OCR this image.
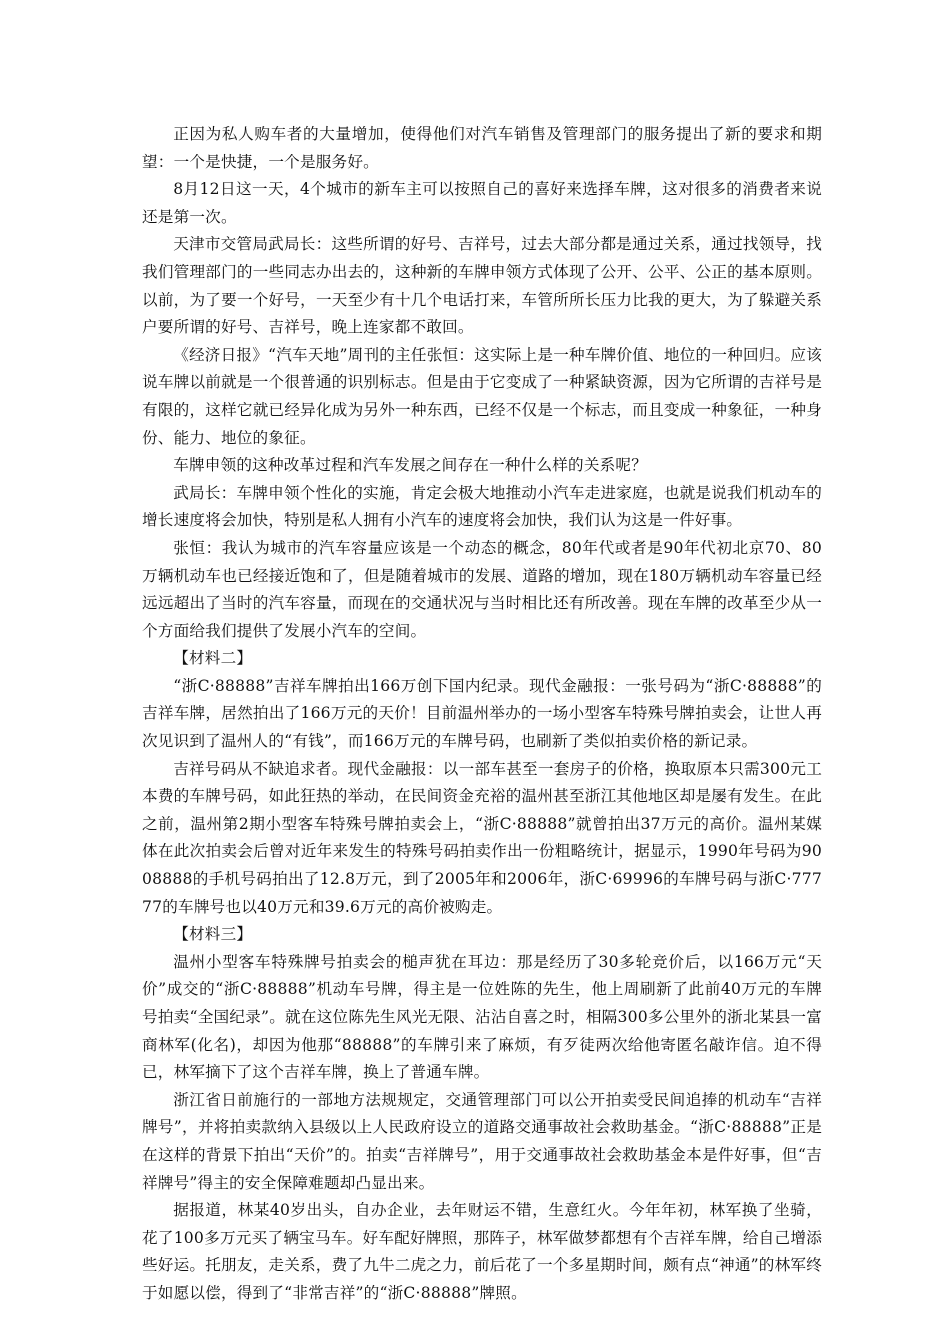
正因为私人购车者的大量增加，使得他们对汽车销售及管理部门的服务提出了新的要求和期望：一个是快捷，一个是服务好。

8月12日这一天，4个城市的新车主可以按照自己的喜好来选择车牌，这对很多的消费者来说还是第一次。

天津市交管局武局长：这些所谓的好号、吉祥号，过去大部分都是通过关系，通过找领导，找我们管理部门的一些同志办出去的，这种新的车牌申领方式体现了公开、公平、公正的基本原则。以前，为了要一个好号，一天至少有十几个电话打来，车管所所长压力比我的更大，为了躲避关系户要所谓的好号、吉祥号，晚上连家都不敢回。

《经济日报》“汽车天地”周刊的主任张恒：这实际上是一种车牌价值、地位的一种回归。应该说车牌以前就是一个很普通的识别标志。但是由于它变成了一种紧缺资源，因为它所谓的吉祥号是有限的，这样它就已经异化成为另外一种东西，已经不仅是一个标志，而且变成一种象征，一种身份、能力、地位的象征。

车牌申领的这种改革过程和汽车发展之间存在一种什么样的关系呢？

武局长：车牌申领个性化的实施，肯定会极大地推动小汽车走进家庭，也就是说我们机动车的增长速度将会加快，特别是私人拥有小汽车的速度将会加快，我们认为这是一件好事。

张恒：我认为城市的汽车容量应该是一个动态的概念，80年代或者是90年代初北京70、80万辆机动车也已经接近饱和了，但是随着城市的发展、道路的增加，现在180万辆机动车容量已经远远超出了当时的汽车容量，而现在的交通状况与当时相比还有所改善。现在车牌的改革至少从一个方面给我们提供了发展小汽车的空间。

【材料二】

“浙C·88888”吉祥车牌拍出166万创下国内纪录。现代金融报：一张号码为“浙C·88888”的吉祥车牌，居然拍出了166万元的天价！目前温州举办的一场小型客车特殊号牌拍卖会，让世人再次见识到了温州人的“有钱”，而166万元的车牌号码，也刷新了类似拍卖价格的新记录。

吉祥号码从不缺追求者。现代金融报：以一部车甚至一套房子的价格，换取原本只需300元工本费的车牌号码，如此狂热的举动，在民间资金充裕的温州甚至浙江其他地区却是屡有发生。在此之前，温州第2期小型客车特殊号牌拍卖会上，“浙C·88888”就曾拍出37万元的高价。温州某媒体在此次拍卖会后曾对近年来发生的特殊号码拍卖作出一份粗略统计，据显示，1990年号码为9008888的手机号码拍出了12.8万元，到了2005年和2006年，浙C·69996的车牌号码与浙C·77777的车牌号也以40万元和39.6万元的高价被购走。

【材料三】

温州小型客车特殊牌号拍卖会的槌声犹在耳边：那是经历了30多轮竞价后，以166万元“天价”成交的“浙C·88888”机动车号牌，得主是一位姓陈的先生，他上周刷新了此前40万元的车牌号拍卖“全国纪录”。就在这位陈先生风光无限、沾沾自喜之时，相隔300多公里外的浙北某县一富商林军(化名)，却因为他那“88888”的车牌引来了麻烦，有歹徒两次给他寄匿名敲诈信。迫不得已，林军摘下了这个吉祥车牌，换上了普通车牌。

浙江省日前施行的一部地方法规规定，交通管理部门可以公开拍卖受民间追捧的机动车“吉祥牌号”，并将拍卖款纳入县级以上人民政府设立的道路交通事故社会救助基金。“浙C·88888”正是在这样的背景下拍出“天价”的。拍卖“吉祥牌号”，用于交通事故社会救助基金本是件好事，但“吉祥牌号”得主的安全保障难题却凸显出来。

据报道，林某40岁出头，自办企业，去年财运不错，生意红火。今年年初，林军换了坐骑，花了100多万元买了辆宝马车。好车配好牌照，那阵子，林军做梦都想有个吉祥车牌，给自己增添些好运。托朋友，走关系，费了九牛二虎之力，前后花了一个多星期时间，颇有点“神通”的林军终于如愿以偿，得到了“非常吉祥”的“浙C·88888”牌照。
